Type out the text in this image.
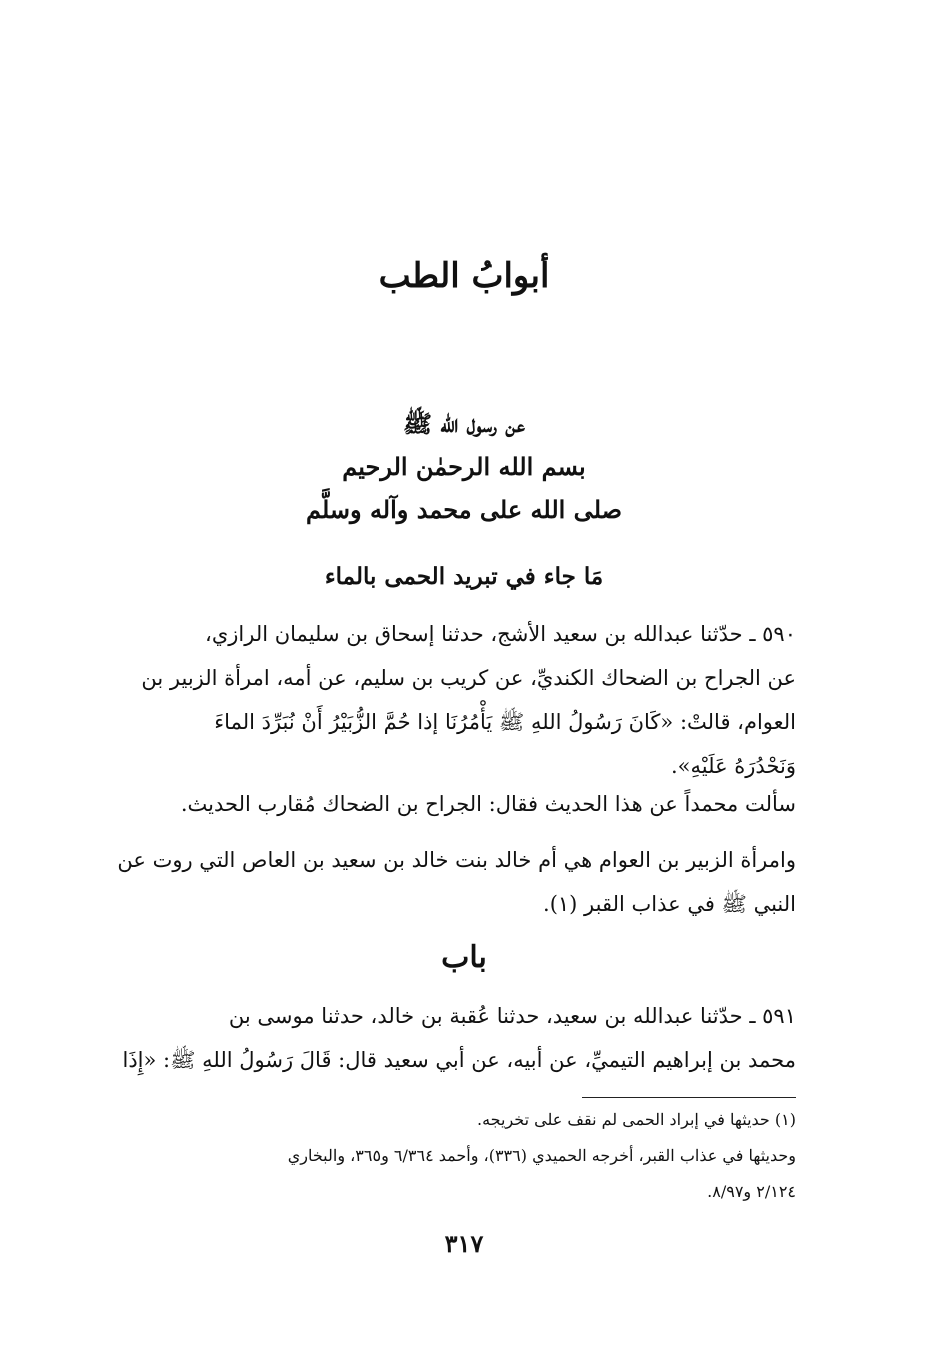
أبوابُ الطب
عن رسول الله ﷺ
بسم الله الرحمٰن الرحيم
صلى الله على محمد وآله وسلَّم
مَا جاء في تبريد الحمى بالماء
٥٩٠ ـ حدّثنا عبدالله بن سعيد الأشج، حدثنا إسحاق بن سليمان الرازي،
عن الجراح بن الضحاك الكنديِّ، عن كريب بن سليم، عن أمه، امرأة الزبير بن
العوام، قالتْ: «كَانَ رَسُولُ اللهِ ﷺ يَأْمُرُنَا إذا حُمَّ الزُّبَيْرُ أَنْ نُبَرِّدَ الماءَ
وَنَحْدُرَهُ عَلَيْهِ».
سألت محمداً عن هذا الحديث فقال: الجراح بن الضحاك مُقارب الحديث.
وامرأة الزبير بن العوام هي أم خالد بنت خالد بن سعيد بن العاص التي روت عن
النبي ﷺ في عذاب القبر (١).
باب
٥٩١ ـ حدّثنا عبدالله بن سعيد، حدثنا عُقبة بن خالد، حدثنا موسى بن
محمد بن إبراهيم التيميِّ، عن أبيه، عن أبي سعيد قال: قَالَ رَسُولُ اللهِ ﷺ: «إِذَا
(١) حديثها في إبراد الحمى لم نقف على تخريجه.
وحديثها في عذاب القبر، أخرجه الحميدي (٣٣٦)، وأحمد ٦/٣٦٤ و٣٦٥، والبخاري
٢/١٢٤ و٨/٩٧.
٣١٧
